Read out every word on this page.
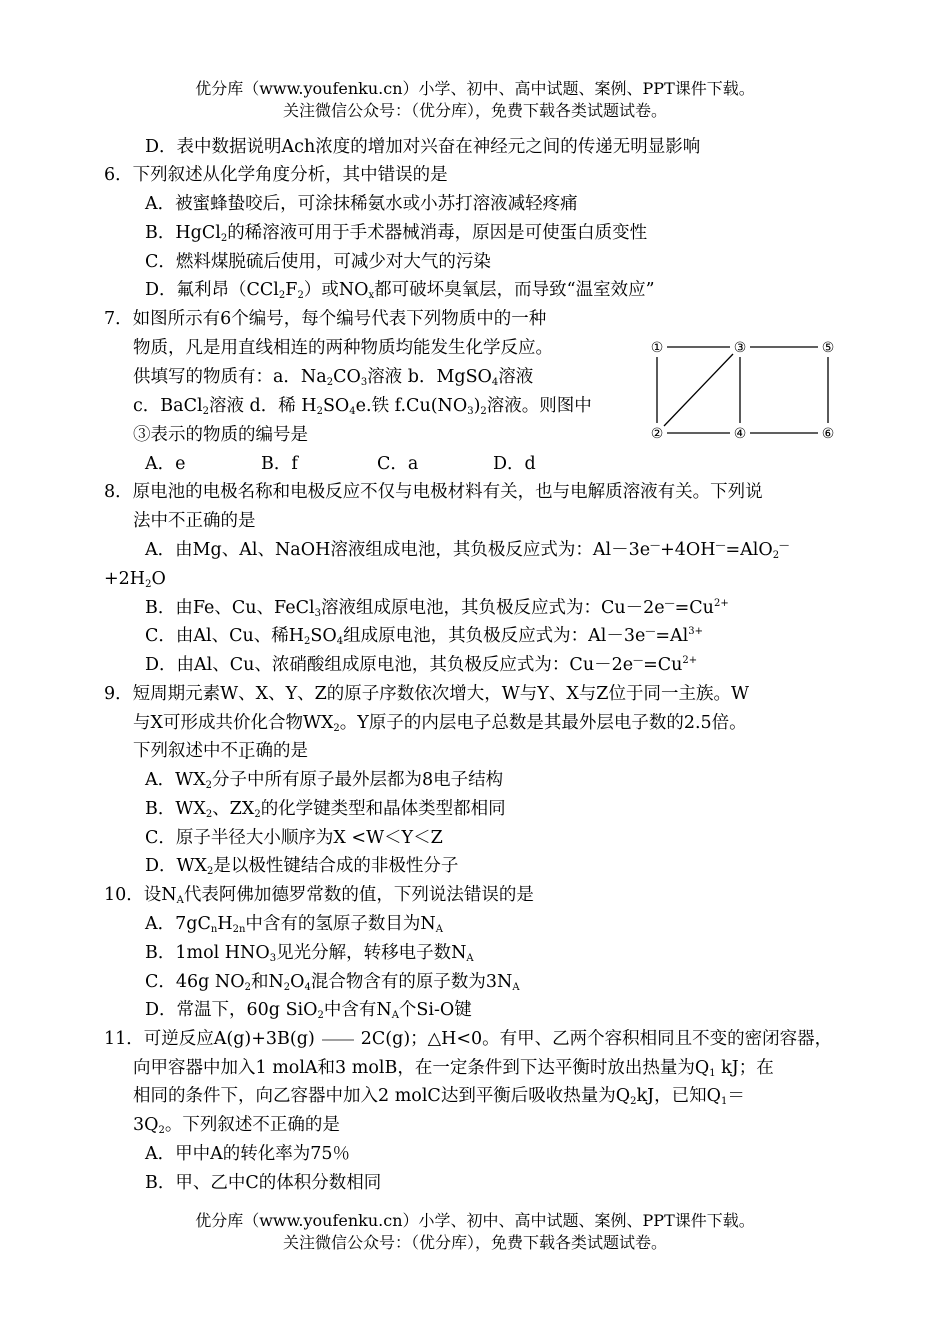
优分库（www.youfenku.cn）小学、初中、高中试题、案例、PPT课件下载。
关注微信公众号：（优分库），免费下载各类试题试卷。
D．表中数据说明Ach浓度的增加对兴奋在神经元之间的传递无明显影响
6．下列叙述从化学角度分析，其中错误的是
A．被蜜蜂蛰咬后，可涂抹稀氨水或小苏打溶液减轻疼痛
B．HgCl$_2$的稀溶液可用于手术器械消毒，原因是可使蛋白质变性
C．燃料煤脱硫后使用，可减少对大气的污染
D．氟利昂$(CCl_2F_2)$或$NO_x$都可破坏臭氧层，而导致“温室效应”
7．如图所示有6个编号，每个编号代表下列物质中的一种
物质，凡是用直线相连的两种物质均能发生化学反应。
供填写的物质有：a．$Na_2CO_3$溶液 b．MgSO$_4$溶液
c．BaCl$_2$溶液 d．稀 $H_2SO_4e$.铁 $f.Cu(NO_3)_2$溶液。则图中
③表示的物质的编号是
A．e	B．f	C．a	D．d
①
②
③
④
⑤
⑥
8．原电池的电极名称和电极反应不仅与电极材料有关，也与电解质溶液有关。下列说
法中不正确的是
A．由Mg、Al、NaOH溶液组成电池，其负极反应式为：Al－3e—+4OH—=AlO$_2$—
$+2H_2O$
B．由Fe、Cu、FeCl$_3$溶液组成原电池，其负极反应式为：$Cu-2e^—=Cu^{2+}$
C．由Al、Cu、稀$H_2SO_4$组成原电池，其负极反应式为：$Al-3e^—=Al^{3+}$
D．由Al、Cu、浓硝酸组成原电池，其负极反应式为：$Cu-2e^—=Cu^{2+}$
9．短周期元素W、X、Y、Z的原子序数依次增大，W与Y、X与Z位于同一主族。W
与X可形成共价化合物$WX_2$。Y原子的内层电子总数是其最外层电子数的2.5倍。
下列叙述中不正确的是
A．$WX_2$分子中所有原子最外层都为8电子结构
B．$WX_2$、$ZX_2$的化学键类型和晶体类型都相同
C．原子半径大小顺序为X <W＜Y＜Z
D．$WX_2$是以极性键结合成的非极性分子
10．设$N_A$代表阿佛加德罗常数的值，下列说法错误的是
A．$7gC_nH_{2n}$中含有的氢原子数目为$N_A$
B．1mol $HNO_3$见光分解，转移电子数$N_A$
C．46g $NO_2$和$N_2O_4$混合物含有的原子数为$3N_A$
D．常温下，60g SiO$_2$中含有$N_A$个Si-O键
11．可逆反应A(g)+3B(g)	2C(g)；△H<0。有甲、乙两个容积相同且不变的密闭容器，
向甲容器中加入1 molA和3 molB，在一定条件到下达平衡时放出热量为$Q_1$ kJ；在
相同的条件下，向乙容器中加入2 molC达到平衡后吸收热量为$Q_2kJ$，已知$Q_1=$
$3Q_2$。下列叙述不正确的是
A．甲中A的转化率为75％
B．甲、乙中C的体积分数相同
优分库（www.youfenku.cn）小学、初中、高中试题、案例、PPT课件下载。
关注微信公众号：（优分库），免费下载各类试题试卷。
